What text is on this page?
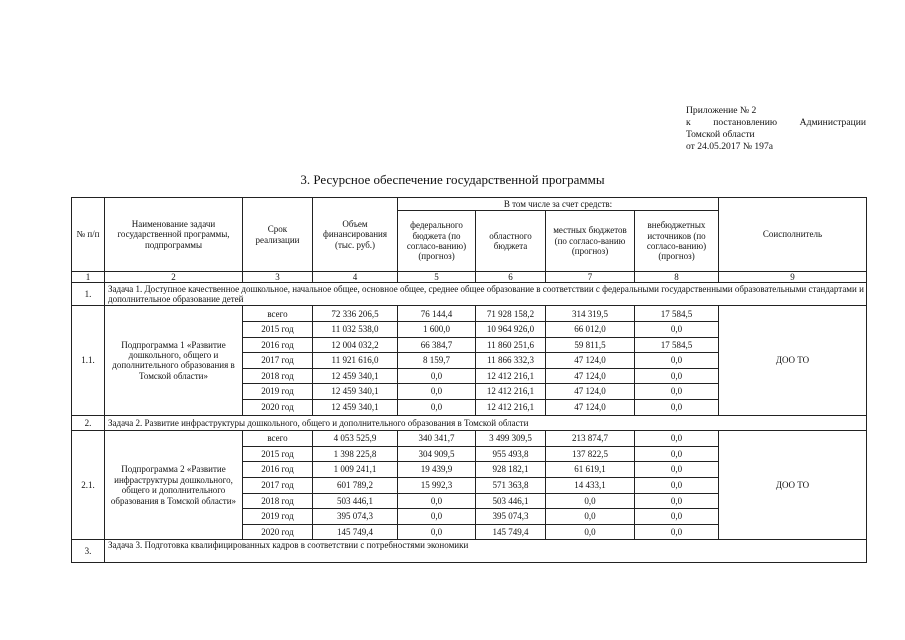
Приложение № 2
к постановлению Администрации
Томской области
от 24.05.2017 № 197а
3. Ресурсное обеспечение государственной программы
№ п/п	Наименование задачи государственной программы, подпрограммы	Срок реализации	Объем финансирования (тыс. руб.)	В том числе за счет средств:				Соисполнитель
				федерального бюджета (по согласо-ванию) (прогноз)	областного бюджета	местных бюджетов (по согласо-ванию (прогноз)	внебюджетных источников (по согласо-ванию) (прогноз)	
1	2	3	4	5	6	7	8	9
1.	Задача 1. Доступное качественное дошкольное, начальное общее, основное общее, среднее общее образование в соответствии с федеральными государственными образовательными стандартами и дополнительное образование детей							
1.1.	Подпрограмма 1 «Развитие дошкольного, общего и дополнительного образования в Томской области»	всего	72 336 206,5	76 144,4	71 928 158,2	314 319,5	17 584,5	ДОО ТО
		2015 год	11 032 538,0	1 600,0	10 964 926,0	66 012,0	0,0	
		2016 год	12 004 032,2	66 384,7	11 860 251,6	59 811,5	17 584,5	
		2017 год	11 921 616,0	8 159,7	11 866 332,3	47 124,0	0,0	
		2018 год	12 459 340,1	0,0	12 412 216,1	47 124,0	0,0	
		2019 год	12 459 340,1	0,0	12 412 216,1	47 124,0	0,0	
		2020 год	12 459 340,1	0,0	12 412 216,1	47 124,0	0,0	
2.	Задача 2. Развитие инфраструктуры дошкольного, общего и дополнительного образования в Томской области							
2.1.	Подпрограмма 2 «Развитие инфраструктуры дошкольного, общего и дополнительного образования в Томской области»	всего	4 053 525,9	340 341,7	3 499 309,5	213 874,7	0,0	ДОО ТО
		2015 год	1 398 225,8	304 909,5	955 493,8	137 822,5	0,0	
		2016 год	1 009 241,1	19 439,9	928 182,1	61 619,1	0,0	
		2017 год	601 789,2	15 992,3	571 363,8	14 433,1	0,0	
		2018 год	503 446,1	0,0	503 446,1	0,0	0,0	
		2019 год	395 074,3	0,0	395 074,3	0,0	0,0	
		2020 год	145 749,4	0,0	145 749,4	0,0	0,0	
3.	Задача 3. Подготовка квалифицированных кадров в соответствии с потребностями экономики							
